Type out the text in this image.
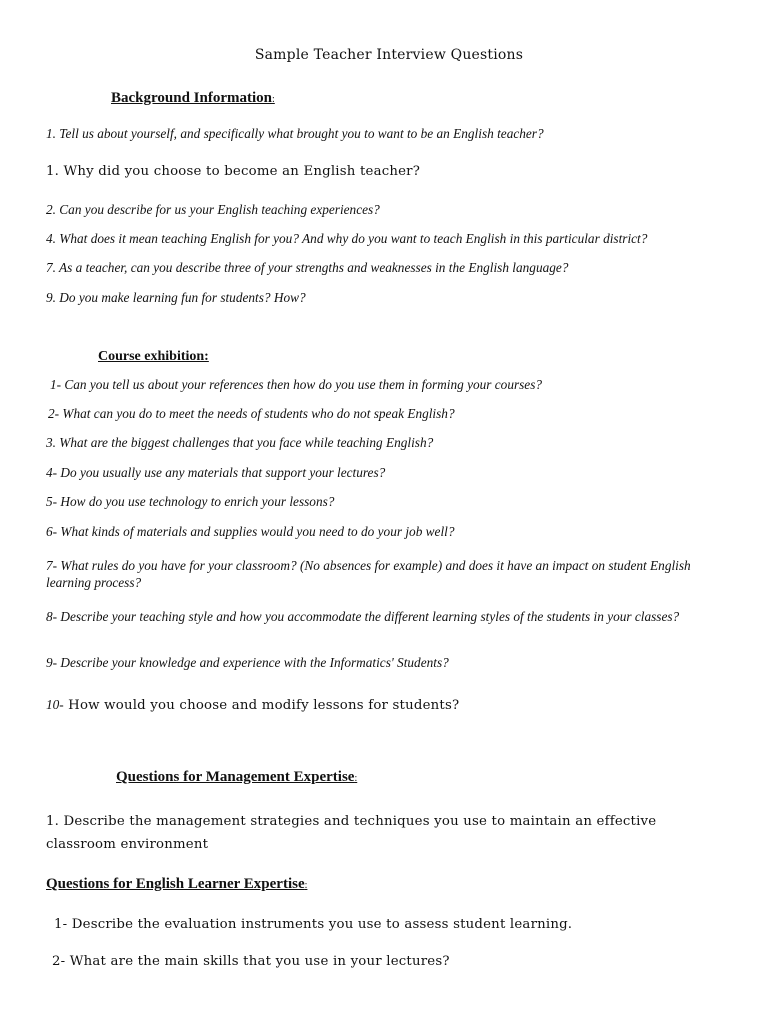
Sample Teacher Interview Questions
Background Information:
1. Tell us about yourself, and specifically what brought you to want to be an English teacher?
1. Why did you choose to become an English teacher?
2. Can you describe for us your English teaching experiences?
4. What does it mean teaching English for you? And why do you want to teach English in this particular district?
7. As a teacher, can you describe three of your strengths and weaknesses in the English language?
9. Do you make learning fun for students? How?
Course exhibition:
1- Can you tell us about your references then how do you use them in forming your courses?
2- What can you do to meet the needs of students who do not speak English?
3. What are the biggest challenges that you face while teaching English?
4- Do you usually use any materials that support your lectures?
5- How do you use technology to enrich your lessons?
6- What kinds of materials and supplies would you need to do your job well?
7- What rules do you have for your classroom? (No absences for example) and does it have an impact on student English learning process?
8- Describe your teaching style and how you accommodate the different learning styles of the students in your classes?
9- Describe your knowledge and experience with the Informatics' Students?
10- How would you choose and modify lessons for students?
Questions for Management Expertise:
1. Describe the management strategies and techniques you use to maintain an effective classroom environment
Questions for English Learner Expertise:
1- Describe the evaluation instruments you use to assess student learning.
2- What are the main skills that you use in your lectures?
